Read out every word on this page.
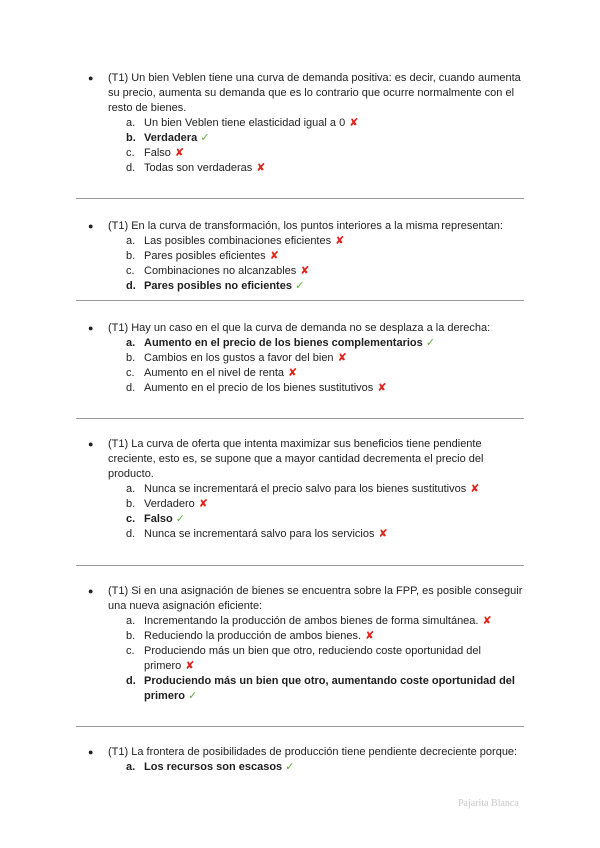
● (T1) Un bien Veblen tiene una curva de demanda positiva: es decir, cuando aumenta su precio, aumenta su demanda que es lo contrario que ocurre normalmente con el resto de bienes.
a. Un bien Veblen tiene elasticidad igual a 0 ✘
b. Verdadera ✓
c. Falso ✘
d. Todas son verdaderas ✘
● (T1) En la curva de transformación, los puntos interiores a la misma representan:
a. Las posibles combinaciones eficientes ✘
b. Pares posibles eficientes ✘
c. Combinaciones no alcanzables ✘
d. Pares posibles no eficientes ✓
● (T1) Hay un caso en el que la curva de demanda no se desplaza a la derecha:
a. Aumento en el precio de los bienes complementarios ✓
b. Cambios en los gustos a favor del bien ✘
c. Aumento en el nivel de renta ✘
d. Aumento en el precio de los bienes sustitutivos ✘
● (T1) La curva de oferta que intenta maximizar sus beneficios tiene pendiente creciente, esto es, se supone que a mayor cantidad decrementa el precio del producto.
a. Nunca se incrementará el precio salvo para los bienes sustitutivos ✘
b. Verdadero ✘
c. Falso ✓
d. Nunca se incrementará salvo para los servicios ✘
● (T1) Si en una asignación de bienes se encuentra sobre la FPP, es posible conseguir una nueva asignación eficiente:
a. Incrementando la producción de ambos bienes de forma simultánea. ✘
b. Reduciendo la producción de ambos bienes. ✘
c. Produciendo más un bien que otro, reduciendo coste oportunidad del primero ✘
d. Produciendo más un bien que otro, aumentando coste oportunidad del primero ✓
● (T1) La frontera de posibilidades de producción tiene pendiente decreciente porque:
a. Los recursos son escasos ✓
Pajarita Blanca
